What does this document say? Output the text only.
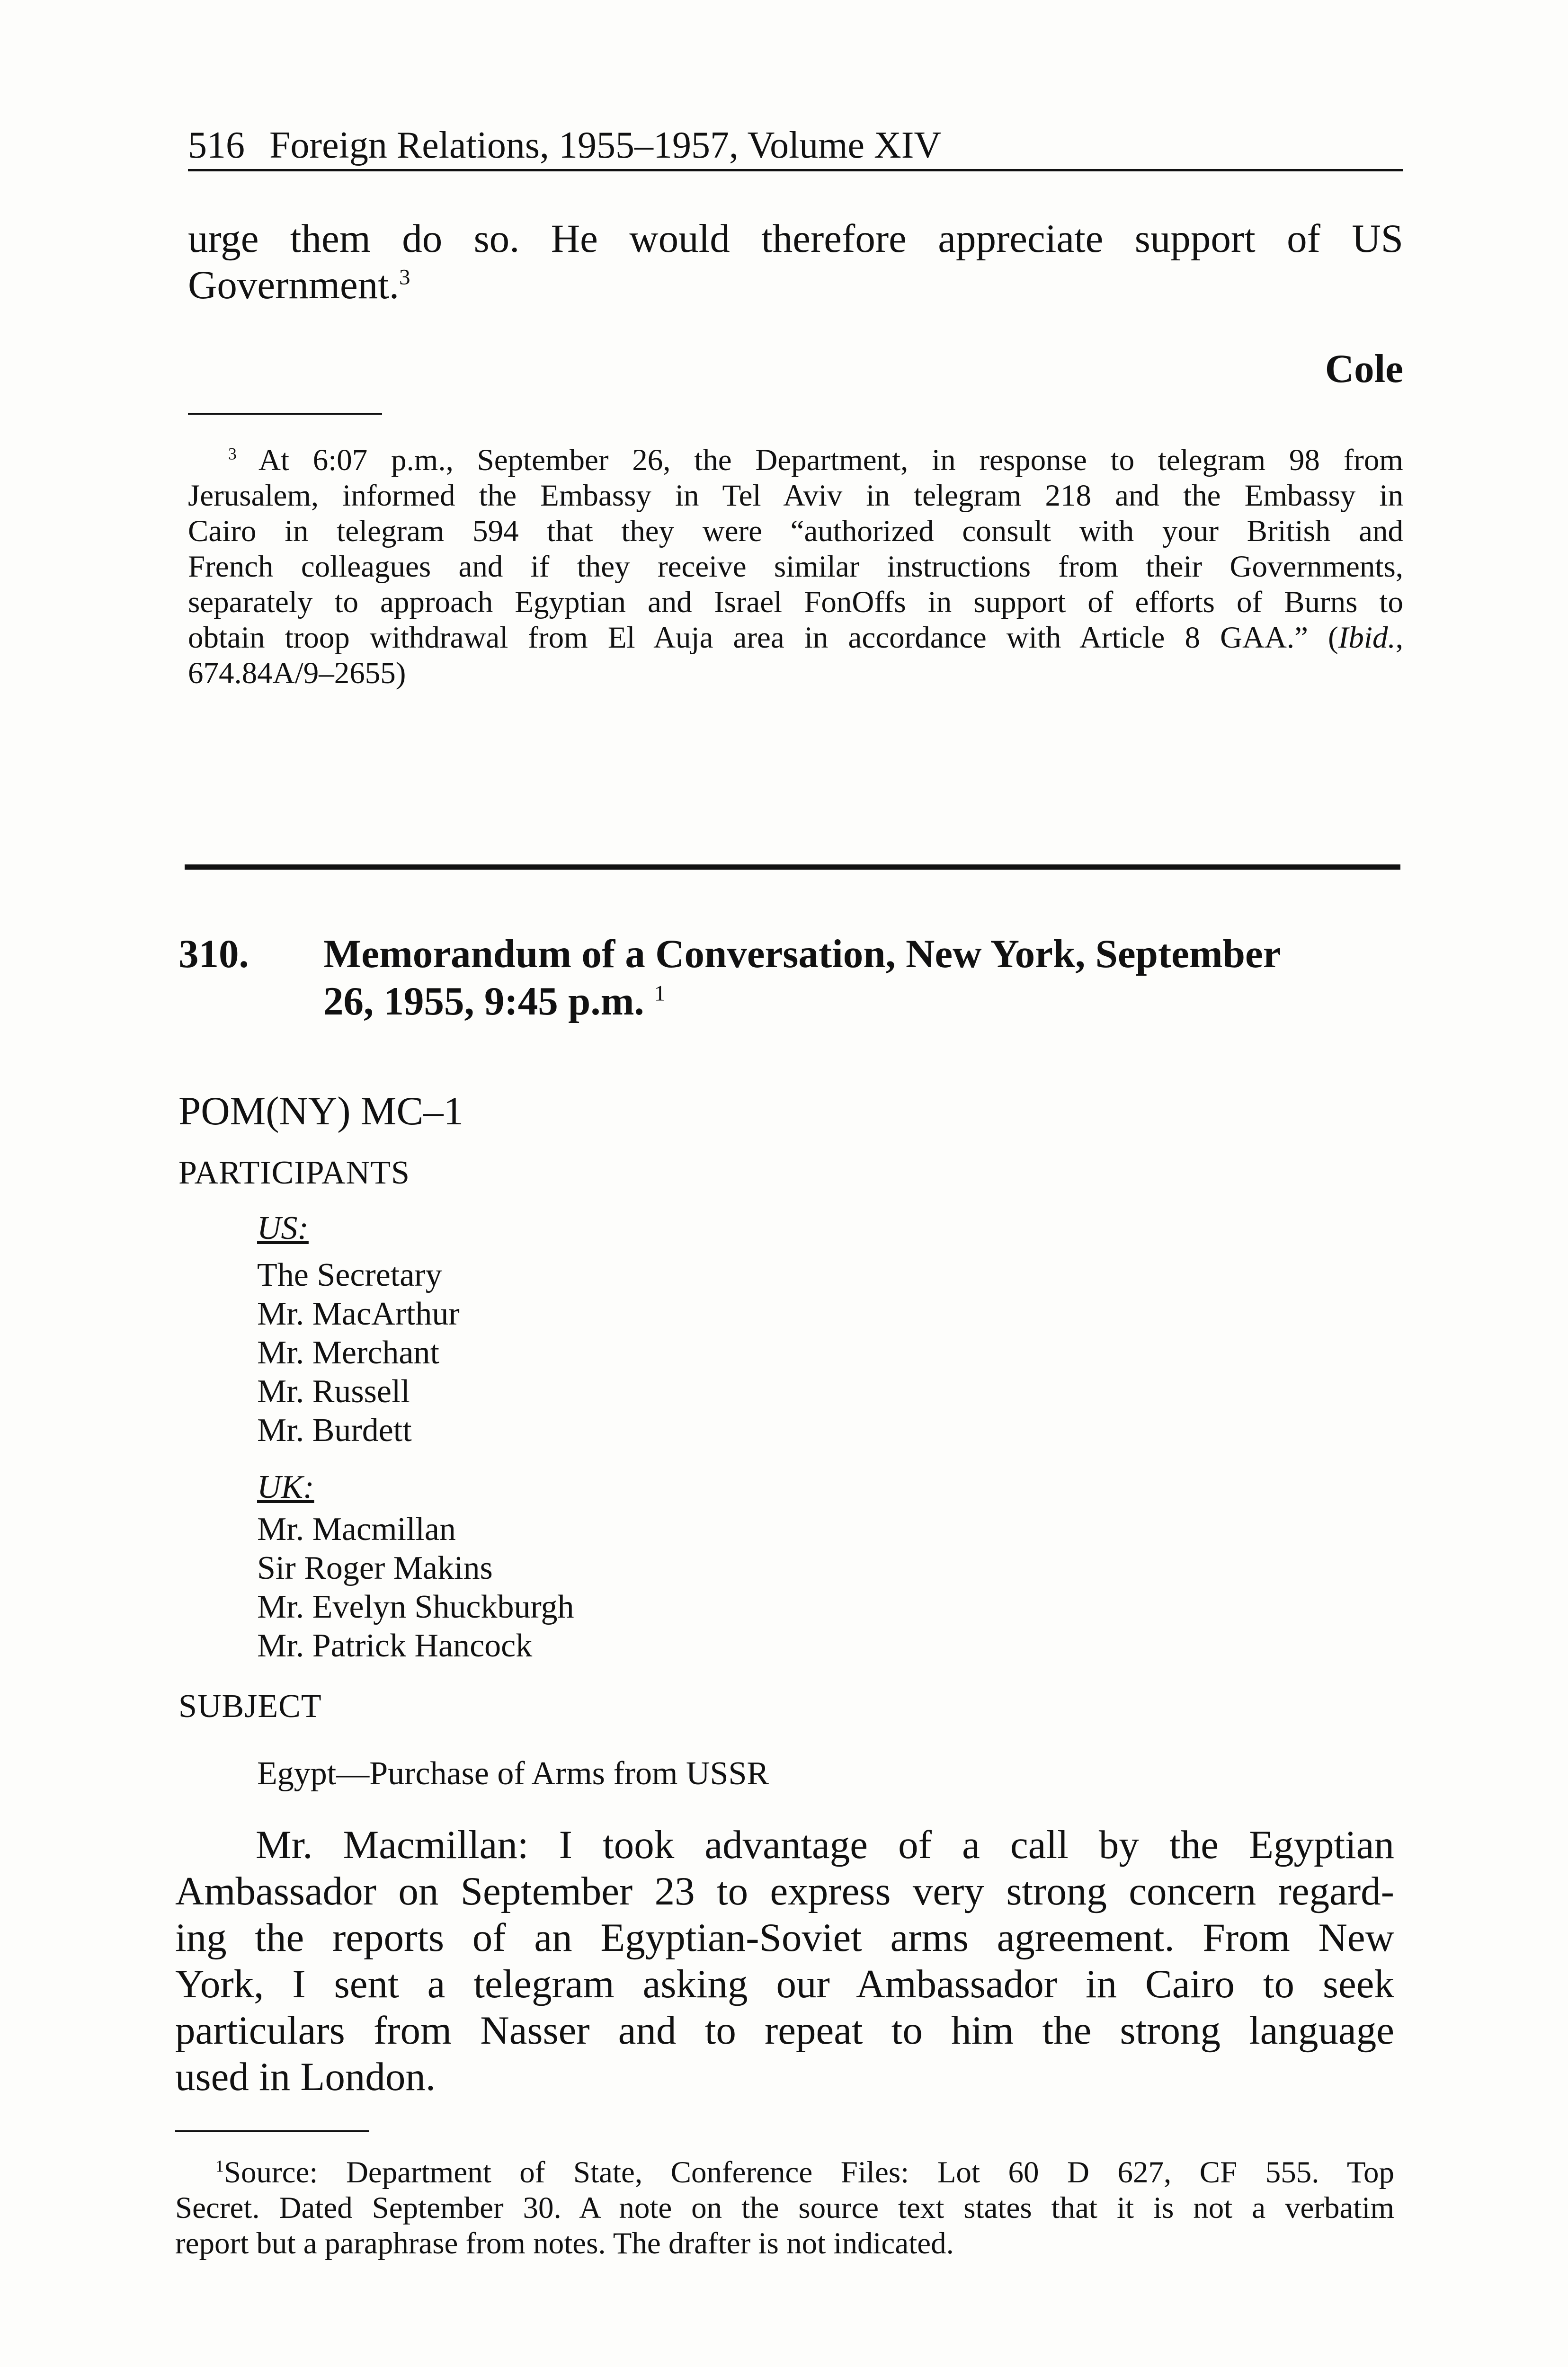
516 Foreign Relations, 1955–1957, Volume XIV
urge them do so. He would therefore appreciate support of US
Government.$^3$
Cole
$^3$ At 6:07 p.m., September 26, the Department, in response to telegram 98 from
Jerusalem, informed the Embassy in Tel Aviv in telegram 218 and the Embassy in
Cairo in telegram 594 that they were “authorized consult with your British and
French colleagues and if they receive similar instructions from their Governments,
separately to approach Egyptian and Israel FonOffs in support of efforts of Burns to
obtain troop withdrawal from El Auja area in accordance with Article 8 GAA.” (Ibid.,
674.84A/9–2655)
310. Memorandum of a Conversation, New York, September
26, 1955, 9:45 p.m. $^1$
POM(NY) MC–1
PARTICIPANTS
US:
The Secretary
Mr. MacArthur
Mr. Merchant
Mr. Russell
Mr. Burdett
UK:
Mr. Macmillan
Sir Roger Makins
Mr. Evelyn Shuckburgh
Mr. Patrick Hancock
SUBJECT
Egypt—Purchase of Arms from USSR
Mr. Macmillan: I took advantage of a call by the Egyptian
Ambassador on September 23 to express very strong concern regard-
ing the reports of an Egyptian-Soviet arms agreement. From New
York, I sent a telegram asking our Ambassador in Cairo to seek
particulars from Nasser and to repeat to him the strong language
used in London.
$^1$Source: Department of State, Conference Files: Lot 60 D 627, CF 555. Top
Secret. Dated September 30. A note on the source text states that it is not a verbatim
report but a paraphrase from notes. The drafter is not indicated.
